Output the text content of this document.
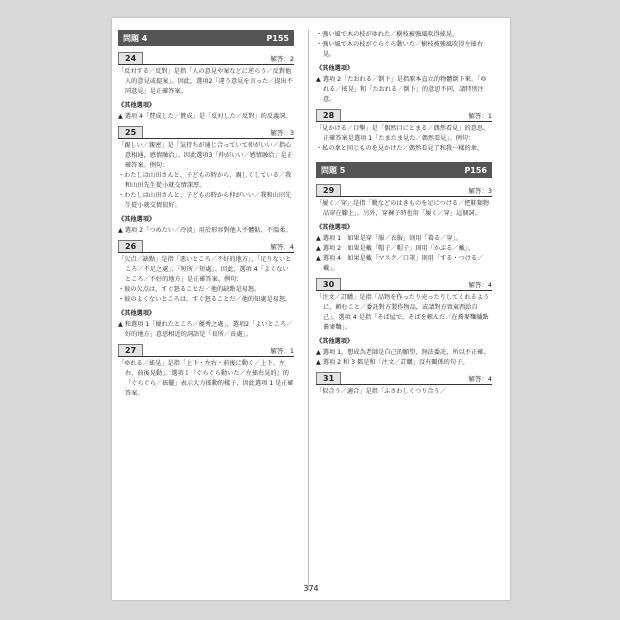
問題 4	P155
24	解答：2

「反対する／反對」是指「人の意見や案などに逆らう／反對他人的意見或提案」。因此，選項2「違う意見を言った／提出不同意見」是正確答案。

《其他選項》

▲ 選項 4「賛成した／贊成」是「反対した／反對」的反義詞。

25	解答：3

「親しい／親密」是「気持ちが通じ合っていて仲がいい／指心意相通，感情融洽」。因此選項3「仲がいい／感情融洽」是正確答案。例句：

・わたしは山田さんと、子どもの時から、親しくしている／我和山田先生從小就交情深厚。

・わたしは山田さんと、子どもの時から仲がいい／我和山田先生從小就交情很好。

《其他選項》

▲ 選項 2「つめたい／冷淡」用於形容對他人不體貼、不溫柔。

26	解答：4

「欠点／缺點」是指「悪いところ／不好的地方」、「足りないところ／不足之處」、「短所／短處」。因此，選項 4「よくないところ／不好的地方」是正確答案。例句：

・彼の欠点は、すぐ怒ることだ／他的缺點是易怒。

・彼のよくないところは、すぐ怒ることだ／他的知處是易怒。

《其他選項》

▲ 和選項 1「優れたところ／優秀之處」、選項2「よいところ／好的地方」意思相近的詞語是「長所／長處」。

27	解答：1

「ゆれる／搖晃」是指「上下・左右・前後に動く／上下、左右、前後晃動」。選項１「ぐらぐら動いた／左搖右晃的」的「ぐらぐら／搖擺」表示大力搖動的樣子，因此選項 1 是正確答案。

・強い風で木の枝がゆれた／樹枝被強風吹得搖晃。

・強い風で木の枝がぐらぐら動いた／樹枝被強風吹得左搖右晃。

《其他選項》

▲ 選項 2「たおれる／倒下」是指原本直立的物體倒下來。「ゆれる／搖晃」和「たおれる／倒下」的意思不同，請特別注意。

28	解答：1

「見かける／目擊」是「偶然目にとまる／偶然看見」的意思。正確答案是選項 1「たまたま見た／偶然看見」。例句：

・私の傘と同じものを見かけた／偶然看見了和我一樣的傘。

問題 5	P156
29	解答：3

「履く／穿」是指「靴などのはきものを足につける／把鞋類物品穿在腳上」。另外，穿褲子時也用「履く／穿」這個詞。

《其他選項》

▲ 選項 1　如果是穿「服／衣服」則用「着る／穿」。

▲ 選項 2　如果是戴「帽子／帽子」則用「かぶる／戴」。

▲ 選項 4　如果是戴「マスク／口罩」則用「する・つける／戴」。

30	解答：4

「注文／訂購」是指「品物を作ったり売ったりしてくれるように、頼むこと／委託對方製作物品，或請對方賣東西給自己」。選項 4 是指「そば屋で、そばを頼んだ／在蕎麥麵舖點蕎麥麵」。

《其他選項》

▲ 選項 1，想成為老師是自己的願望，無法委託，所以不正確。

▲ 選項 2 和 3 都是和「注文／訂購」沒有關係的句子。

31	解答：4

「似合う／適合」是指「ふさわしくつり合う／

374
